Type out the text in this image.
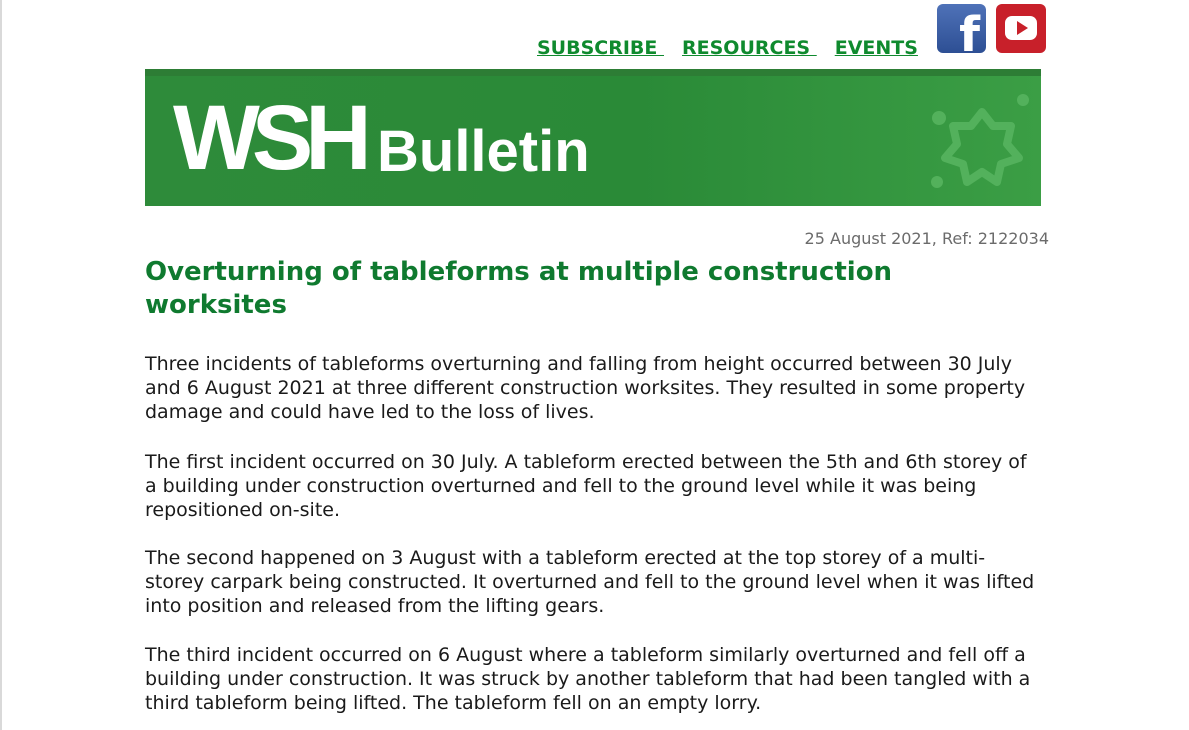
SUBSCRIBE RESOURCES EVENTS f
WSH Bulletin
25 August 2021, Ref: 2122034
Overturning of tableforms at multiple construction worksites

Three incidents of tableforms overturning and falling from height occurred between 30 July and 6 August 2021 at three different construction worksites. They resulted in some property damage and could have led to the loss of lives.

The first incident occurred on 30 July. A tableform erected between the 5th and 6th storey of a building under construction overturned and fell to the ground level while it was being repositioned on-site.

The second happened on 3 August with a tableform erected at the top storey of a multi-storey carpark being constructed. It overturned and fell to the ground level when it was lifted into position and released from the lifting gears.

The third incident occurred on 6 August where a tableform similarly overturned and fell off a building under construction. It was struck by another tableform that had been tangled with a third tableform being lifted. The tableform fell on an empty lorry.
